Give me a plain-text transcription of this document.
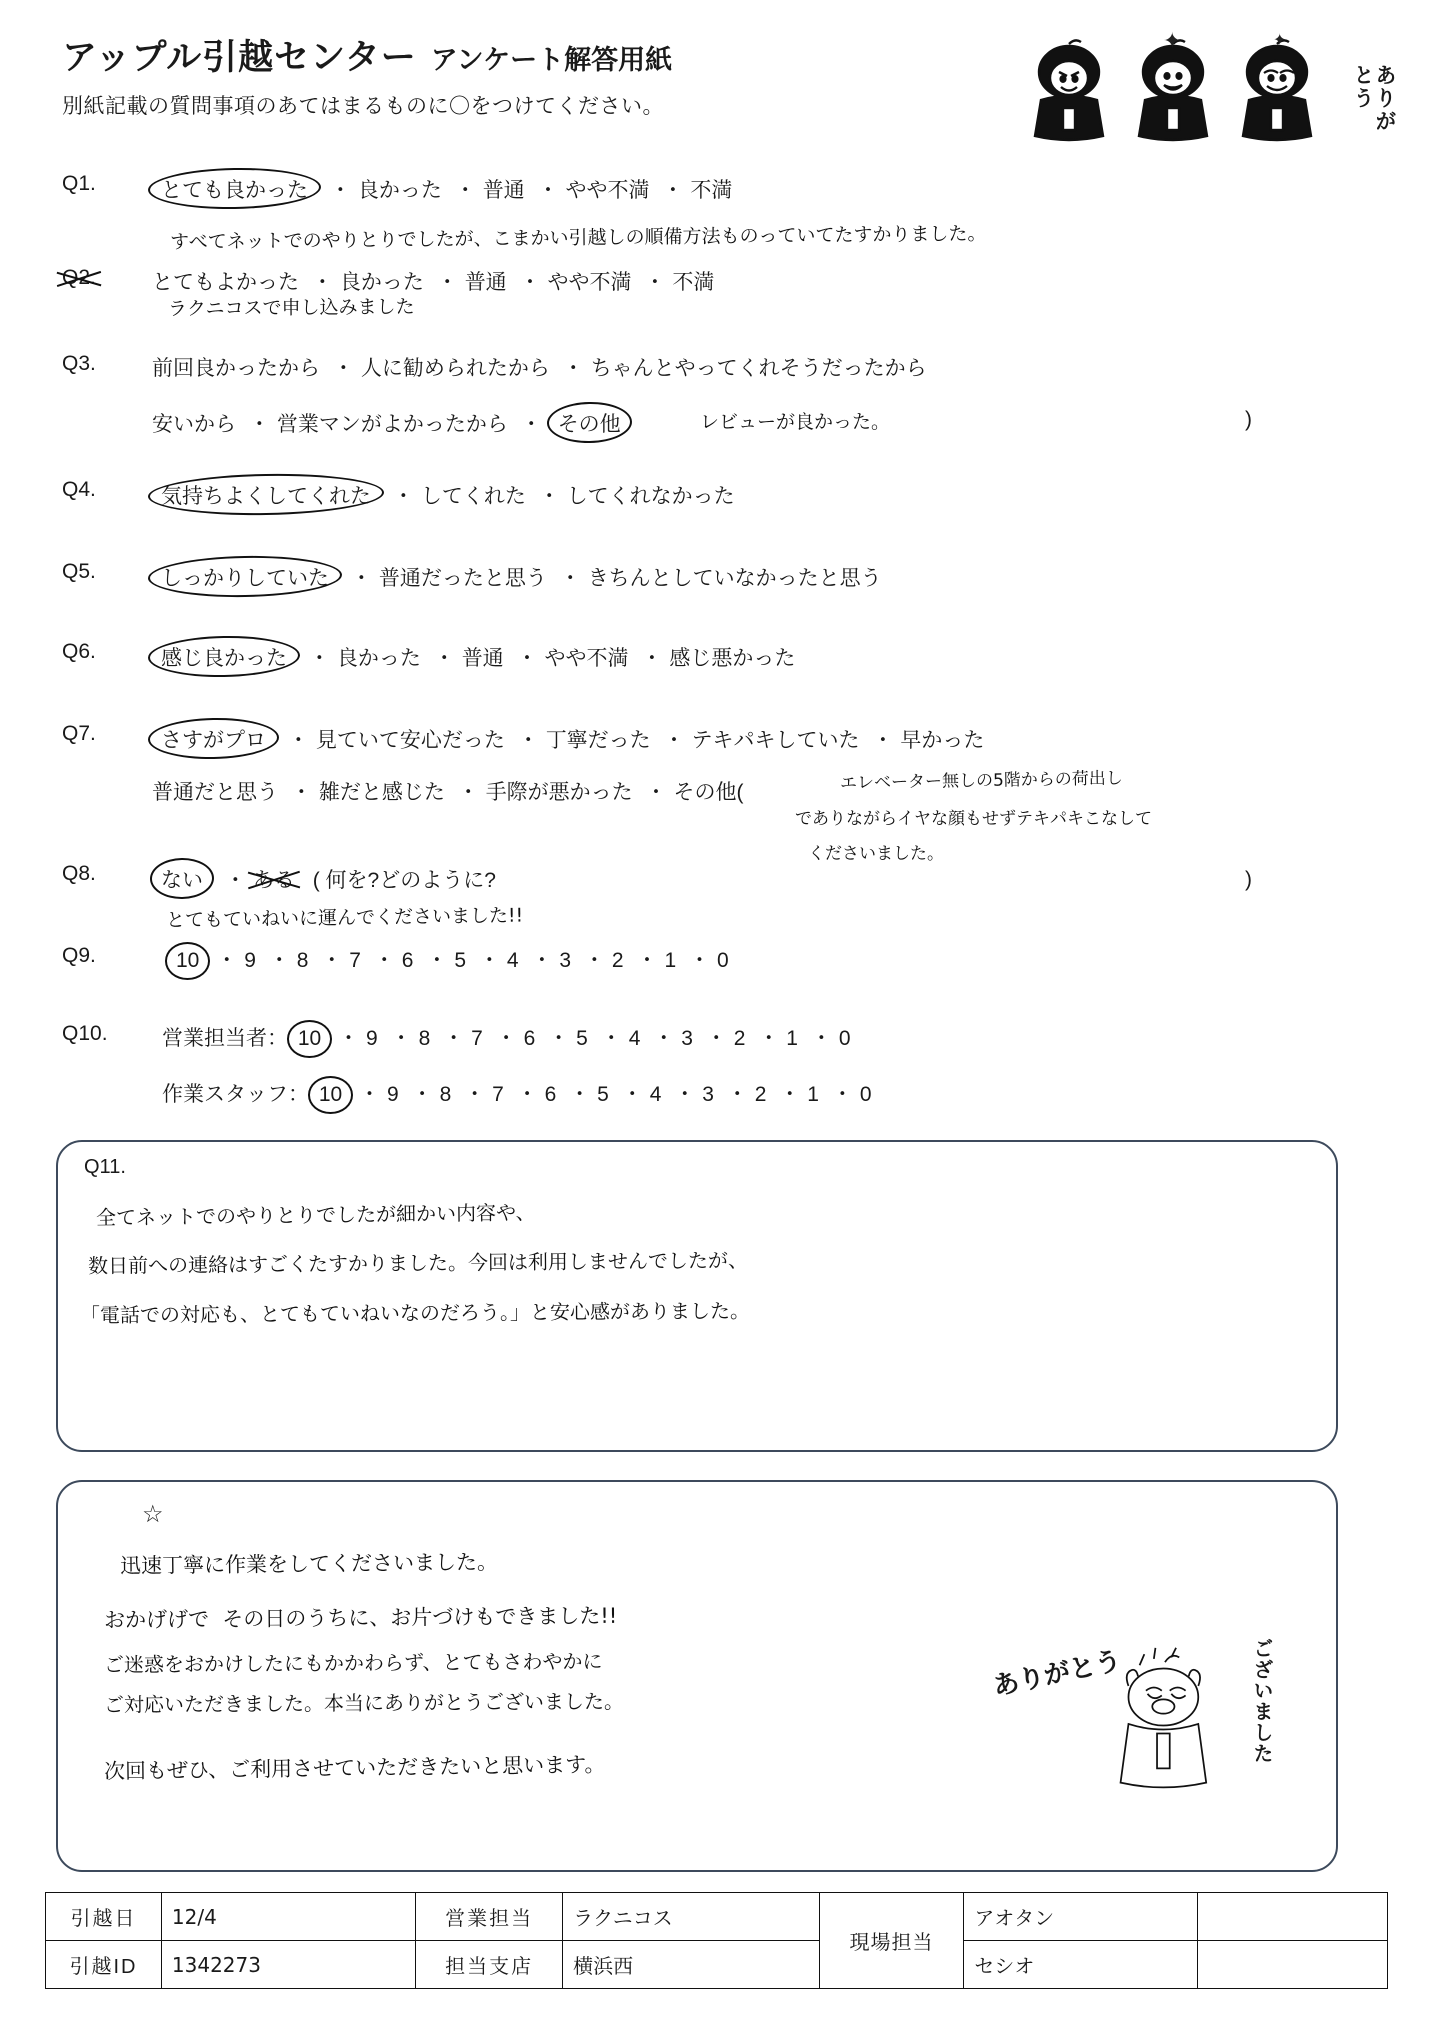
アップル引越センター アンケート解答用紙
別紙記載の質問事項のあてはまるものに〇をつけてください。
✦	✦
ありがとう
Q1.	とても良かった ・ 良かった ・ 普通 ・ やや不満 ・ 不満
すべてネットでのやりとりでしたが、こまかい引越しの順備方法ものっていてたすかりました。
Q2.	とてもよかった ・ 良かった ・ 普通 ・ やや不満 ・ 不満
ラクニコスで申し込みました
Q3.	前回良かったから ・ 人に勧められたから ・ ちゃんとやってくれそうだったから
安いから ・ 営業マンがよかったから ・ その他	レビューが良かった。	)
Q4.	気持ちよくしてくれた ・ してくれた ・ してくれなかった
Q5.	しっかりしていた ・ 普通だったと思う ・ きちんとしていなかったと思う
Q6.	感じ良かった ・ 良かった ・ 普通 ・ やや不満 ・ 感じ悪かった
Q7.	さすがプロ ・ 見ていて安心だった ・ 丁寧だった ・ テキパキしていた ・ 早かった
普通だと思う ・ 雑だと感じた ・ 手際が悪かった ・ その他(	エレベーター無しの5階からの荷出し
でありながらイヤな顔もせずテキパキこなして
くださいました。
)
Q8.	ない ・ ある ( 何を?どのように?
とてもていねいに運んでくださいました!!
Q9.	10 ・ 9 ・ 8 ・ 7 ・ 6 ・ 5 ・ 4 ・ 3 ・ 2 ・ 1 ・ 0
Q10.	営業担当者： 10 ・ 9 ・ 8 ・ 7 ・ 6 ・ 5 ・ 4 ・ 3 ・ 2 ・ 1 ・ 0
作業スタッフ： 10 ・ 9 ・ 8 ・ 7 ・ 6 ・ 5 ・ 4 ・ 3 ・ 2 ・ 1 ・ 0
Q11.
全てネットでのやりとりでしたが細かい内容や、
数日前への連絡はすごくたすかりました。今回は利用しませんでしたが、
「電話での対応も、とてもていねいなのだろう。」と安心感がありました。
☆
迅速丁寧に作業をしてくださいました。
おかげげで  その日のうちに、お片づけもできました!!
ご迷惑をおかけしたにもかかわらず、とてもさわやかに
ご対応いただきました。本当にありがとうございました。
次回もぜひ、ご利用させていただきたいと思います。
ありがとう	ございました
引越日	12/4	営業担当	ラクニコス	現場担当	アオタン	
引越ID	1342273	担当支店	横浜西		セシオ	
